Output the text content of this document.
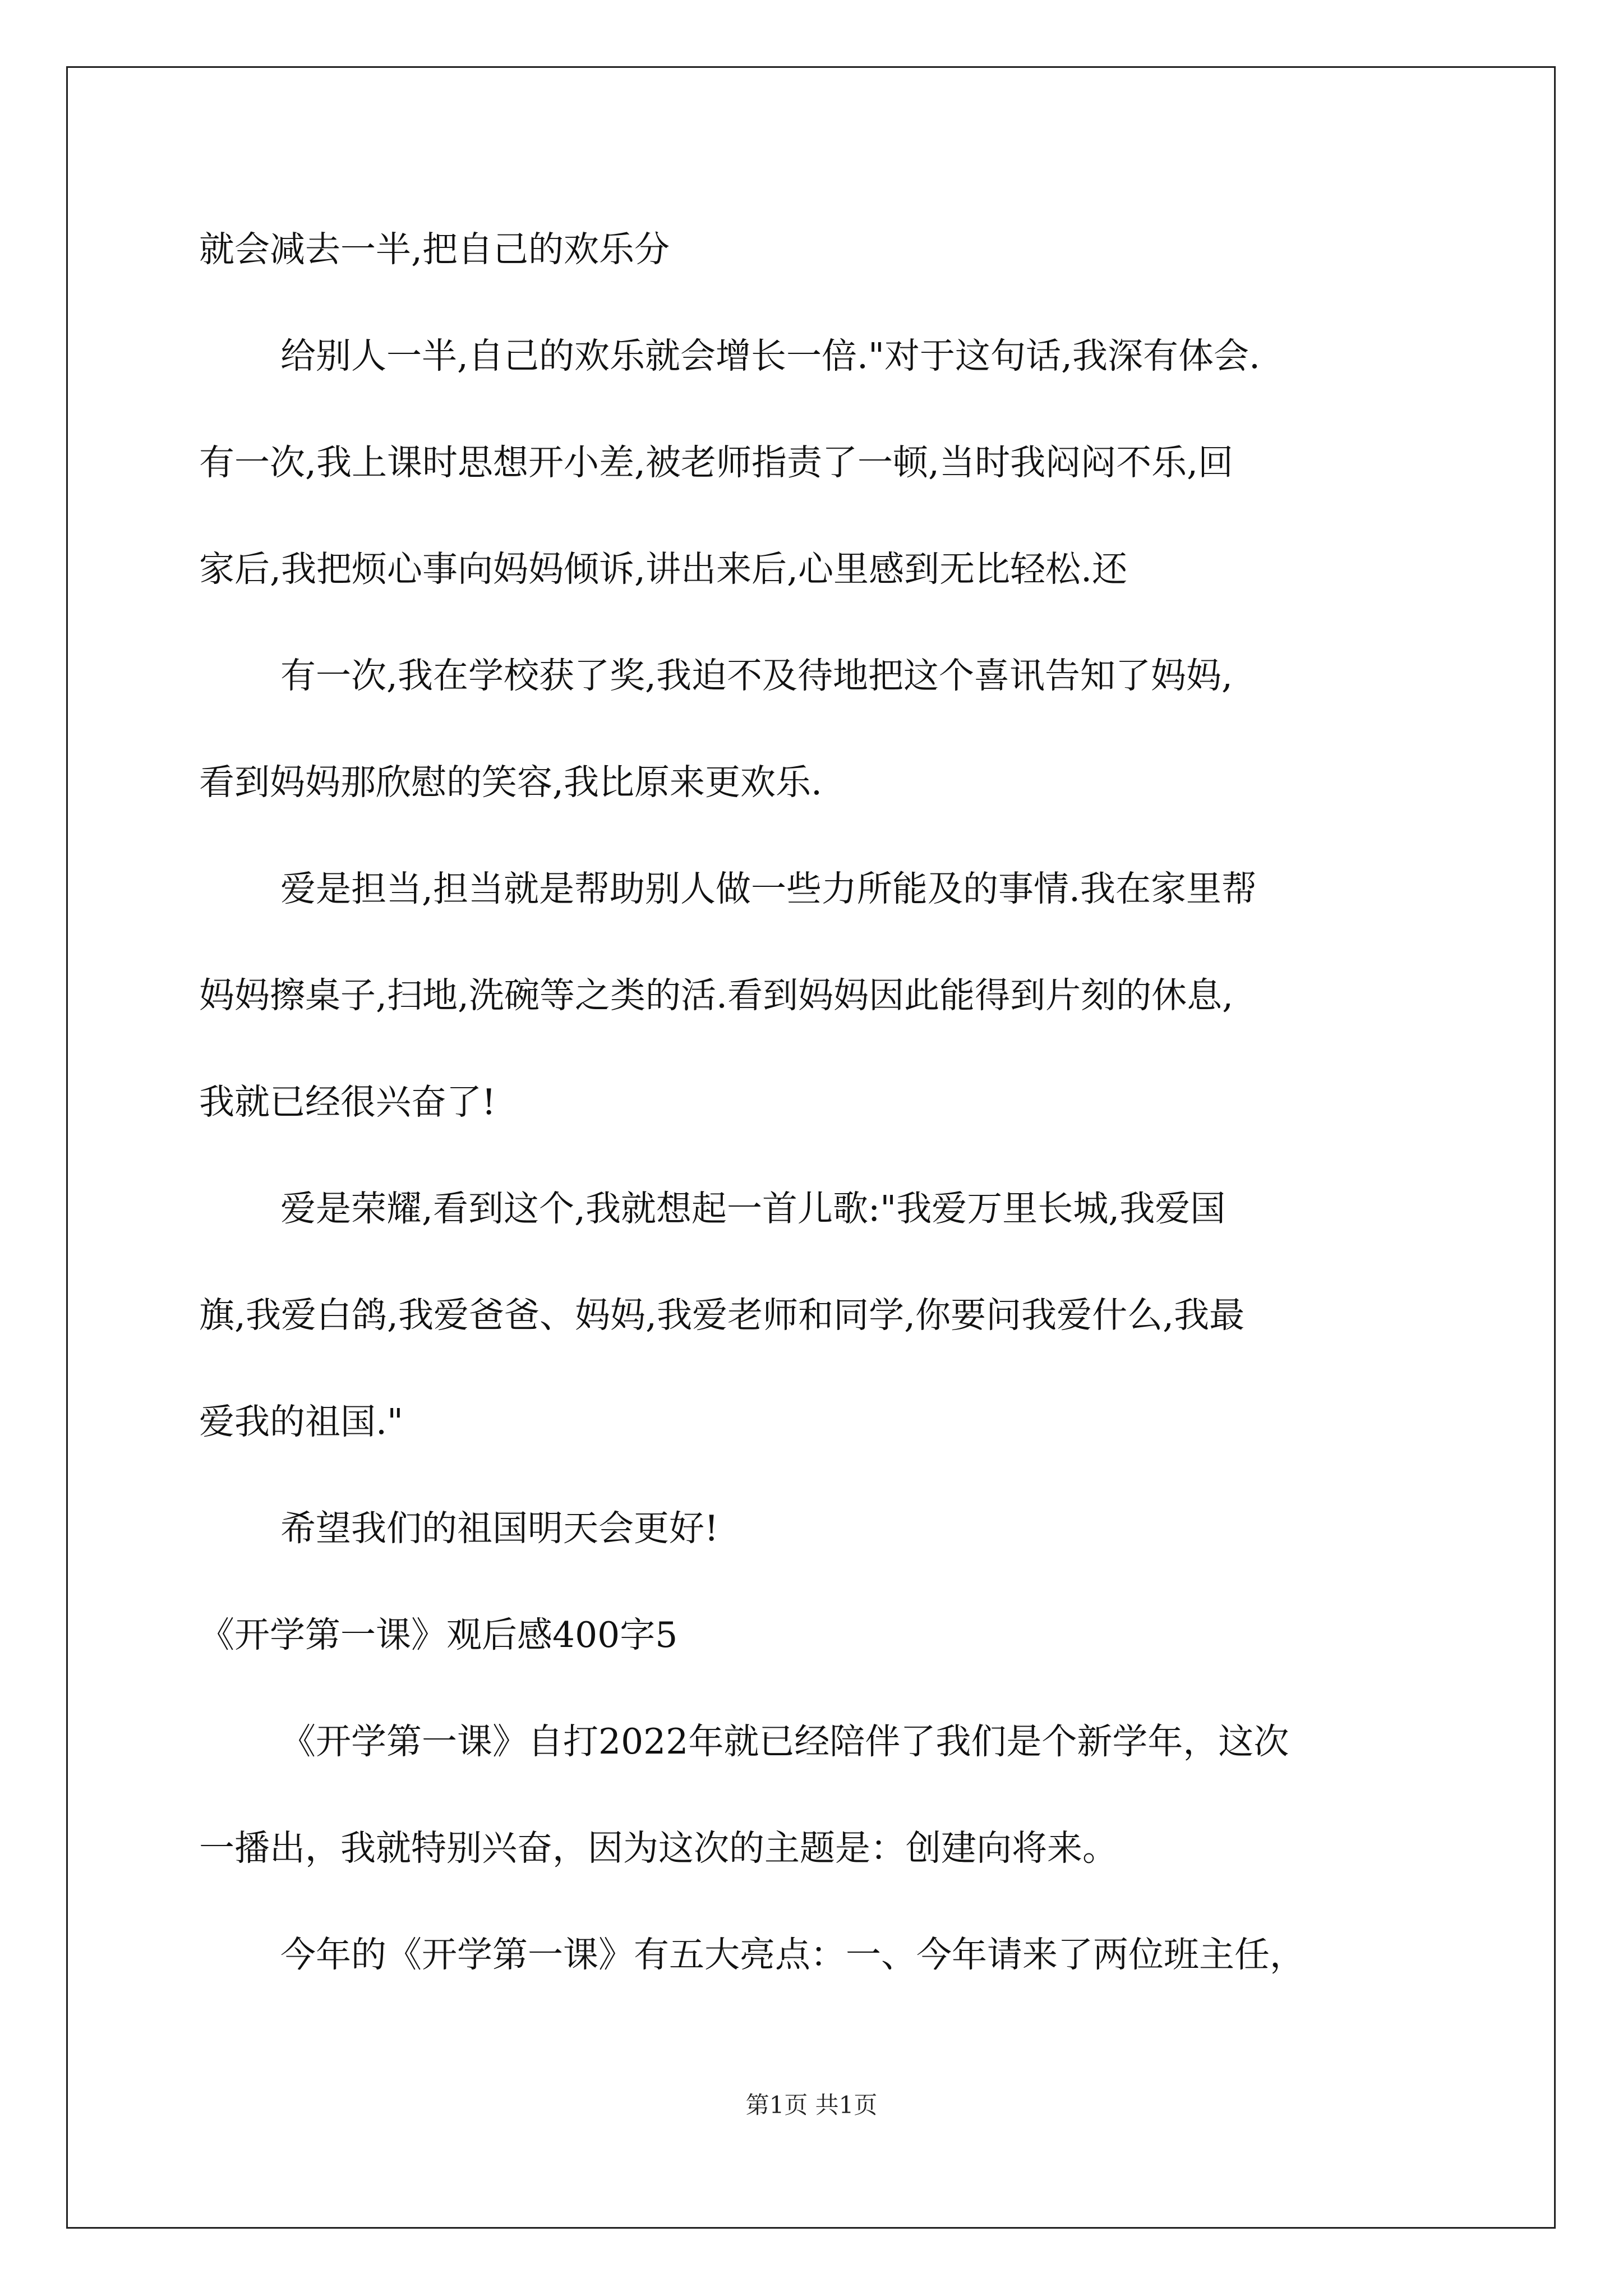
就会减去一半,把自己的欢乐分
给别人一半,自己的欢乐就会增长一倍."对于这句话,我深有体会.
有一次,我上课时思想开小差,被老师指责了一顿,当时我闷闷不乐,回
家后,我把烦心事向妈妈倾诉,讲出来后,心里感到无比轻松.还
有一次,我在学校获了奖,我迫不及待地把这个喜讯告知了妈妈,
看到妈妈那欣慰的笑容,我比原来更欢乐.
爱是担当,担当就是帮助别人做一些力所能及的事情.我在家里帮
妈妈擦桌子,扫地,洗碗等之类的活.看到妈妈因此能得到片刻的休息,
我就已经很兴奋了!
爱是荣耀,看到这个,我就想起一首儿歌:"我爱万里长城,我爱国
旗,我爱白鸽,我爱爸爸、妈妈,我爱老师和同学,你要问我爱什么,我最
爱我的祖国."
希望我们的祖国明天会更好!
《开学第一课》观后感400字5
《开学第一课》自打2022年就已经陪伴了我们是个新学年，这次
一播出，我就特别兴奋，因为这次的主题是：创建向将来。
今年的《开学第一课》有五大亮点：一、今年请来了两位班主任，
第1页 共1页
